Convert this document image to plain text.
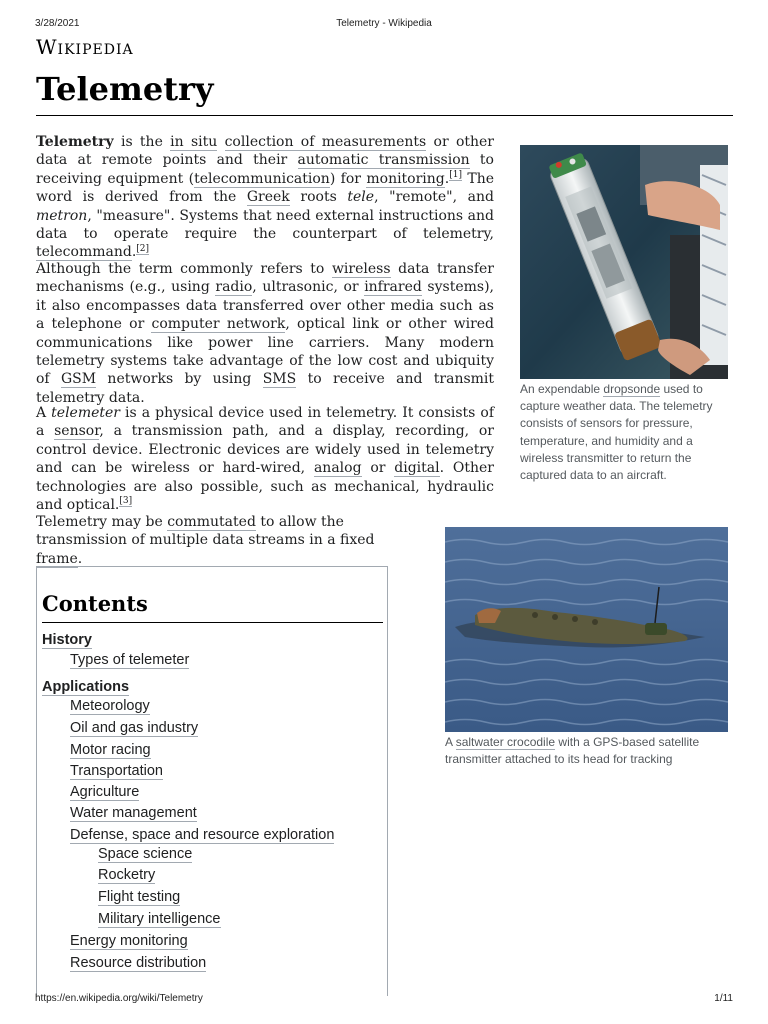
3/28/2021	Telemetry - Wikipedia
Wikipedia
Telemetry

Telemetry is the in situ collection of measurements or other data at remote points and their automatic transmission to receiving equipment (telecommunication) for monitoring.[1] The word is derived from the Greek roots tele, "remote", and metron, "measure". Systems that need external instructions and data to operate require the counterpart of telemetry, telecommand.[2]

Although the term commonly refers to wireless data transfer mechanisms (e.g., using radio, ultrasonic, or infrared systems), it also encompasses data transferred over other media such as a telephone or computer network, optical link or other wired communications like power line carriers. Many modern telemetry systems take advantage of the low cost and ubiquity of GSM networks by using SMS to receive and transmit telemetry data.

A telemeter is a physical device used in telemetry. It consists of a sensor, a transmission path, and a display, recording, or control device. Electronic devices are widely used in telemetry and can be wireless or hard-wired, analog or digital. Other technologies are also possible, such as mechanical, hydraulic and optical.[3]

Telemetry may be commutated to allow the transmission of multiple data streams in a fixed frame.

An expendable dropsonde used to capture weather data. The telemetry consists of sensors for pressure, temperature, and humidity and a wireless transmitter to return the captured data to an aircraft.
A saltwater crocodile with a GPS-based satellite transmitter attached to its head for tracking
Contents
History
Types of telemeter
Applications
Meteorology
Oil and gas industry
Motor racing
Transportation
Agriculture
Water management
Defense, space and resource exploration
Space science
Rocketry
Flight testing
Military intelligence
Energy monitoring
Resource distribution
https://en.wikipedia.org/wiki/Telemetry	1/11
